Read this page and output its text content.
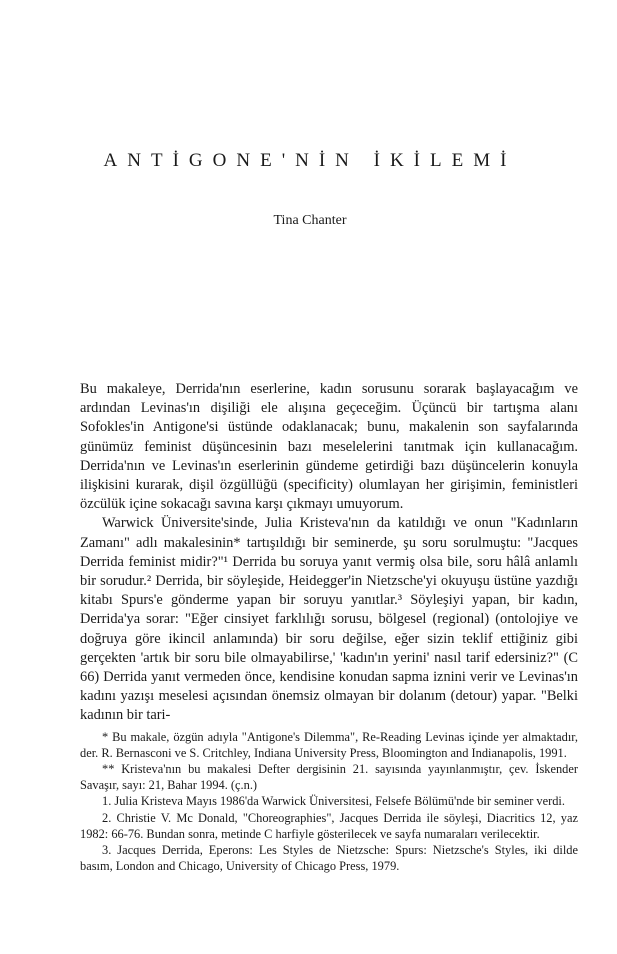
ANTİGONE'NİN İKİLEMİ
Tina Chanter

Bu makaleye, Derrida'nın eserlerine, kadın sorusunu sorarak başlayacağım ve ardından Levinas'ın dişiliği ele alışına geçeceğim. Üçüncü bir tartışma alanı Sofokles'in Antigone'si üstünde odaklanacak; bunu, makalenin son sayfalarında günümüz feminist düşüncesinin bazı meselelerini tanıtmak için kullanacağım. Derrida'nın ve Levinas'ın eserlerinin gündeme getirdiği bazı düşüncelerin konuyla ilişkisini kurarak, dişil özgüllüğü (specificity) olumlayan her girişimin, feministleri özcülük içine sokacağı savına karşı çıkmayı umuyorum.

Warwick Üniversite'sinde, Julia Kristeva'nın da katıldığı ve onun "Kadınların Zamanı" adlı makalesinin* tartışıldığı bir seminerde, şu soru sorulmuştu: "Jacques Derrida feminist midir?"¹ Derrida bu soruya yanıt vermiş olsa bile, soru hâlâ anlamlı bir sorudur.² Derrida, bir söyleşide, Heidegger'in Nietzsche'yi okuyuşu üstüne yazdığı kitabı Spurs'e gönderme yapan bir soruyu yanıtlar.³ Söyleşiyi yapan, bir kadın, Derrida'ya sorar: "Eğer cinsiyet farklılığı sorusu, bölgesel (regional) (ontolojiye ve doğruya göre ikincil anlamında) bir soru değilse, eğer sizin teklif ettiğiniz gibi gerçekten 'artık bir soru bile olmayabilirse,' 'kadın'ın yerini' nasıl tarif edersiniz?" (C 66) Derrida yanıt vermeden önce, kendisine konudan sapma iznini verir ve Levinas'ın kadını yazışı meselesi açısından önemsiz olmayan bir dolanım (detour) yapar. "Belki kadının bir tari-

* Bu makale, özgün adıyla "Antigone's Dilemma", Re-Reading Levinas içinde yer almaktadır, der. R. Bernasconi ve S. Critchley, Indiana University Press, Bloomington and Indianapolis, 1991.

** Kristeva'nın bu makalesi Defter dergisinin 21. sayısında yayınlanmıştır, çev. İskender Savaşır, sayı: 21, Bahar 1994. (ç.n.)

1. Julia Kristeva Mayıs 1986'da Warwick Üniversitesi, Felsefe Bölümü'nde bir seminer verdi.

2. Christie V. Mc Donald, "Choreographies", Jacques Derrida ile söyleşi, Diacritics 12, yaz 1982: 66-76. Bundan sonra, metinde C harfiyle gösterilecek ve sayfa numaraları verilecektir.

3. Jacques Derrida, Eperons: Les Styles de Nietzsche: Spurs: Nietzsche's Styles, iki dilde basım, London and Chicago, University of Chicago Press, 1979.
